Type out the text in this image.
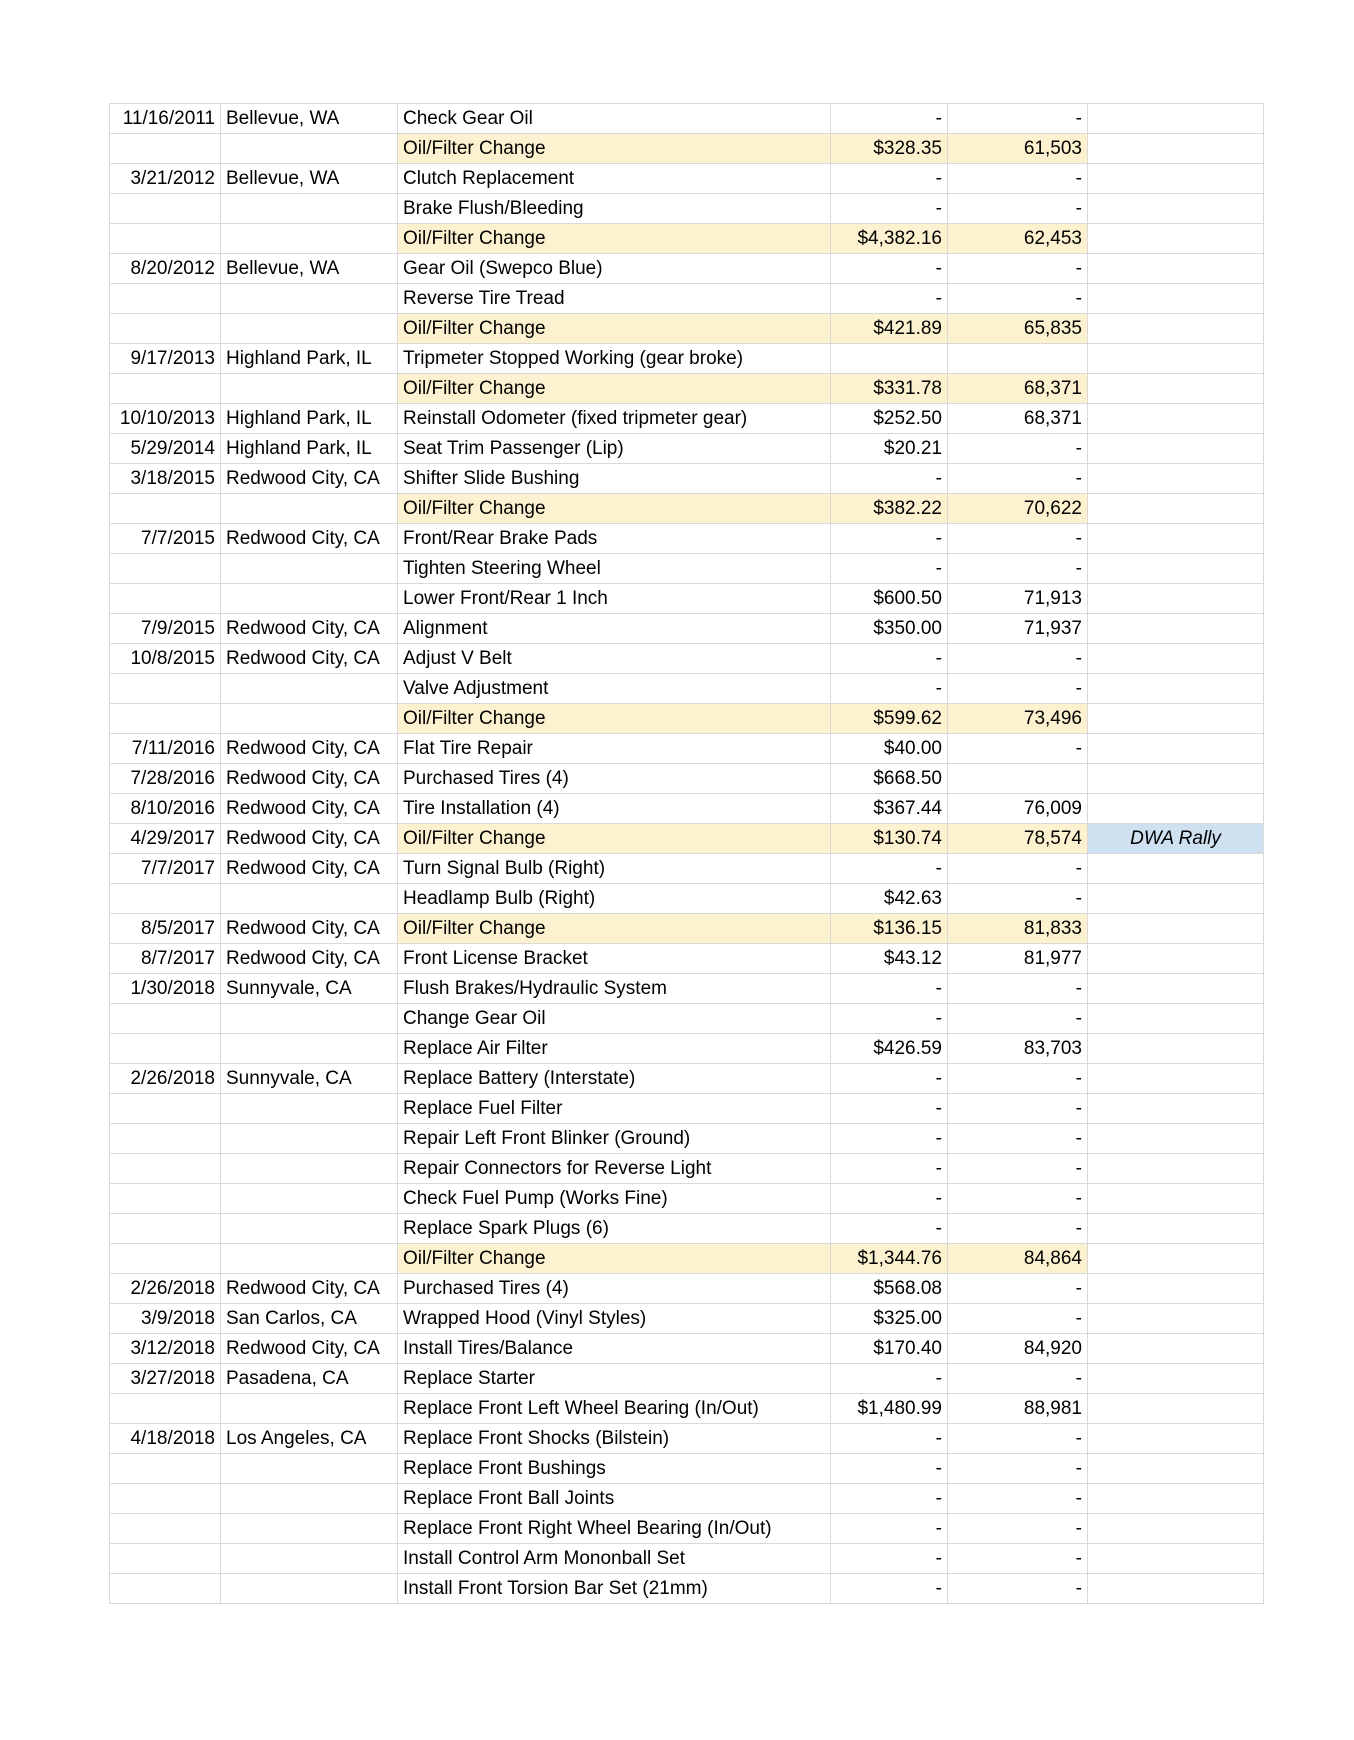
11/16/2011	Bellevue, WA	Check Gear Oil	-	-	
		Oil/Filter Change	$328.35	61,503	
3/21/2012	Bellevue, WA	Clutch Replacement	-	-	
		Brake Flush/Bleeding	-	-	
		Oil/Filter Change	$4,382.16	62,453	
8/20/2012	Bellevue, WA	Gear Oil (Swepco Blue)	-	-	
		Reverse Tire Tread	-	-	
		Oil/Filter Change	$421.89	65,835	
9/17/2013	Highland Park, IL	Tripmeter Stopped Working (gear broke)			
		Oil/Filter Change	$331.78	68,371	
10/10/2013	Highland Park, IL	Reinstall Odometer (fixed tripmeter gear)	$252.50	68,371	
5/29/2014	Highland Park, IL	Seat Trim Passenger (Lip)	$20.21	-	
3/18/2015	Redwood City, CA	Shifter Slide Bushing	-	-	
		Oil/Filter Change	$382.22	70,622	
7/7/2015	Redwood City, CA	Front/Rear Brake Pads	-	-	
		Tighten Steering Wheel	-	-	
		Lower Front/Rear 1 Inch	$600.50	71,913	
7/9/2015	Redwood City, CA	Alignment	$350.00	71,937	
10/8/2015	Redwood City, CA	Adjust V Belt	-	-	
		Valve Adjustment	-	-	
		Oil/Filter Change	$599.62	73,496	
7/11/2016	Redwood City, CA	Flat Tire Repair	$40.00	-	
7/28/2016	Redwood City, CA	Purchased Tires (4)	$668.50		
8/10/2016	Redwood City, CA	Tire Installation (4)	$367.44	76,009	
4/29/2017	Redwood City, CA	Oil/Filter Change	$130.74	78,574	DWA Rally
7/7/2017	Redwood City, CA	Turn Signal Bulb (Right)	-	-	
		Headlamp Bulb (Right)	$42.63	-	
8/5/2017	Redwood City, CA	Oil/Filter Change	$136.15	81,833	
8/7/2017	Redwood City, CA	Front License Bracket	$43.12	81,977	
1/30/2018	Sunnyvale, CA	Flush Brakes/Hydraulic System	-	-	
		Change Gear Oil	-	-	
		Replace Air Filter	$426.59	83,703	
2/26/2018	Sunnyvale, CA	Replace Battery (Interstate)	-	-	
		Replace Fuel Filter	-	-	
		Repair Left Front Blinker (Ground)	-	-	
		Repair Connectors for Reverse Light	-	-	
		Check Fuel Pump (Works Fine)	-	-	
		Replace Spark Plugs (6)	-	-	
		Oil/Filter Change	$1,344.76	84,864	
2/26/2018	Redwood City, CA	Purchased Tires (4)	$568.08	-	
3/9/2018	San Carlos, CA	Wrapped Hood (Vinyl Styles)	$325.00	-	
3/12/2018	Redwood City, CA	Install Tires/Balance	$170.40	84,920	
3/27/2018	Pasadena, CA	Replace Starter	-	-	
		Replace Front Left Wheel Bearing (In/Out)	$1,480.99	88,981	
4/18/2018	Los Angeles, CA	Replace Front Shocks (Bilstein)	-	-	
		Replace Front Bushings	-	-	
		Replace Front Ball Joints	-	-	
		Replace Front Right Wheel Bearing (In/Out)	-	-	
		Install Control Arm Mononball Set	-	-	
		Install Front Torsion Bar Set (21mm)	-	-	
